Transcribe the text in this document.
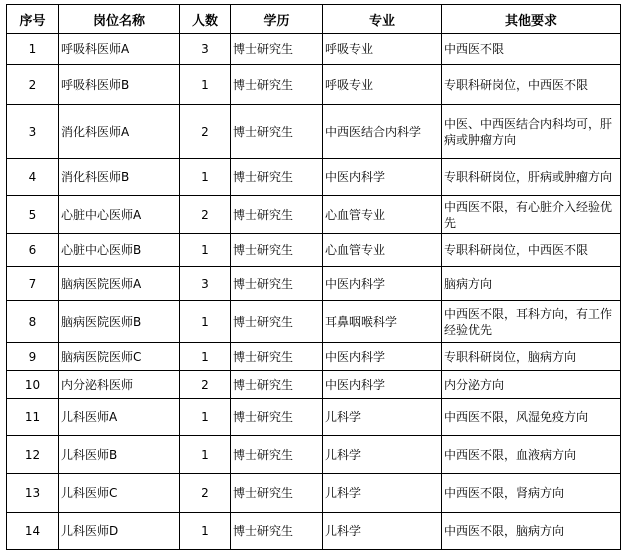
序号	岗位名称	人数	学历	专业	其他要求
1	呼吸科医师A	3	博士研究生	呼吸专业	中西医不限
2	呼吸科医师B	1	博士研究生	呼吸专业	专职科研岗位，中西医不限
3	消化科医师A	2	博士研究生	中西医结合内科学	中医、中西医结合内科均可，肝病或肿瘤方向
4	消化科医师B	1	博士研究生	中医内科学	专职科研岗位，肝病或肿瘤方向
5	心脏中心医师A	2	博士研究生	心血管专业	中西医不限，有心脏介入经验优先
6	心脏中心医师B	1	博士研究生	心血管专业	专职科研岗位，中西医不限
7	脑病医院医师A	3	博士研究生	中医内科学	脑病方向
8	脑病医院医师B	1	博士研究生	耳鼻咽喉科学	中西医不限，耳科方向，有工作经验优先
9	脑病医院医师C	1	博士研究生	中医内科学	专职科研岗位，脑病方向
10	内分泌科医师	2	博士研究生	中医内科学	内分泌方向
11	儿科医师A	1	博士研究生	儿科学	中西医不限，风湿免疫方向
12	儿科医师B	1	博士研究生	儿科学	中西医不限，血液病方向
13	儿科医师C	2	博士研究生	儿科学	中西医不限，肾病方向
14	儿科医师D	1	博士研究生	儿科学	中西医不限，脑病方向
